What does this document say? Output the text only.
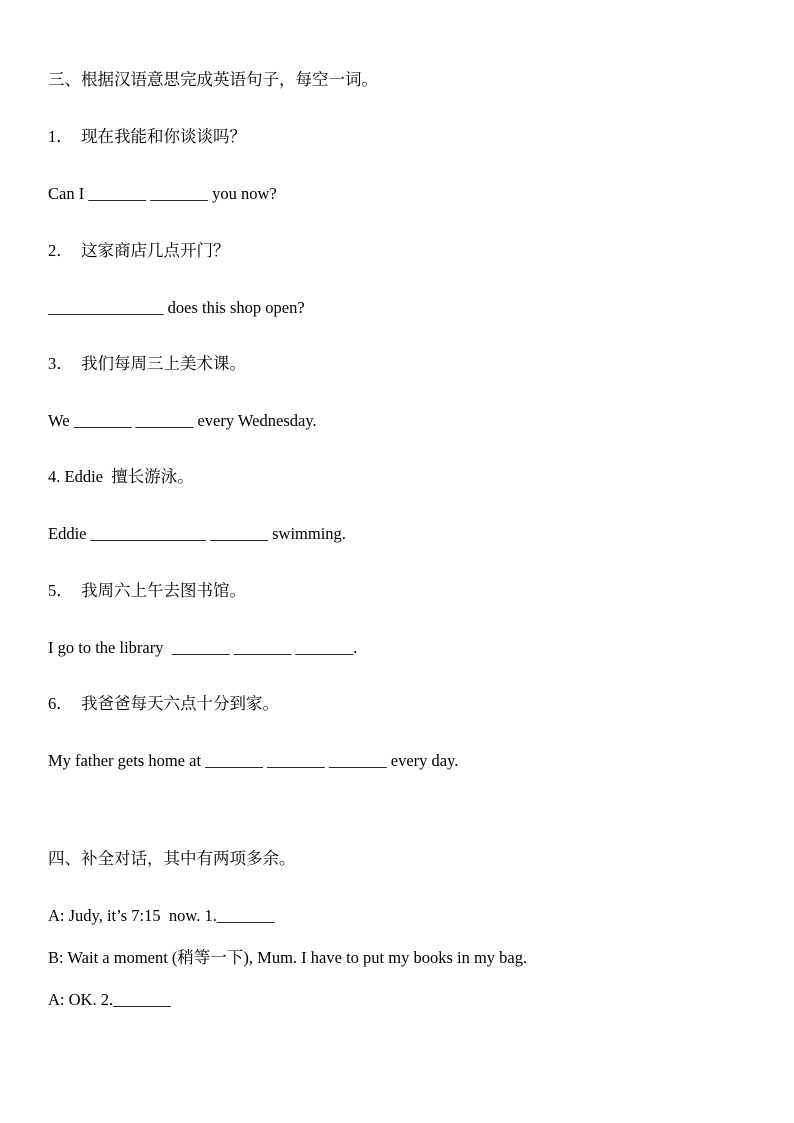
三、根据汉语意思完成英语句子，每空一词。
1．  现在我能和你谈谈吗？
Can I _______ _______ you now?
2．  这家商店几点开门？
______________ does this shop open?
3．  我们每周三上美术课。
We _______ _______ every Wednesday.
4. Eddie  擅长游泳。
Eddie ______________ _______ swimming.
5．  我周六上午去图书馆。
I go to the library  _______ _______ _______.
6．  我爸爸每天六点十分到家。
My father gets home at _______ _______ _______ every day.
四、补全对话，其中有两项多余。
A: Judy, it’s 7:15  now. 1._______
B: Wait a moment (稍等一下), Mum. I have to put my books in my bag.
A: OK. 2._______
